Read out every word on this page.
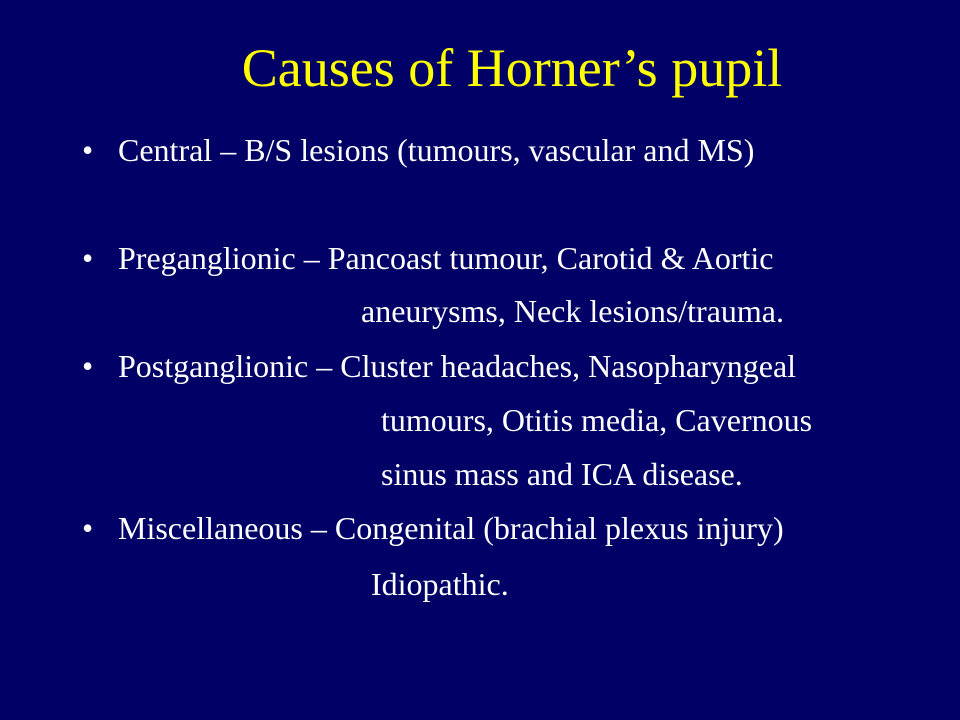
Causes of Horner’s pupil
• Central – B/S lesions (tumours, vascular and MS)
• Preganglionic – Pancoast tumour, Carotid & Aortic
aneurysms, Neck lesions/trauma.
• Postganglionic – Cluster headaches, Nasopharyngeal
tumours, Otitis media, Cavernous
sinus mass and ICA disease.
• Miscellaneous – Congenital (brachial plexus injury)
Idiopathic.
